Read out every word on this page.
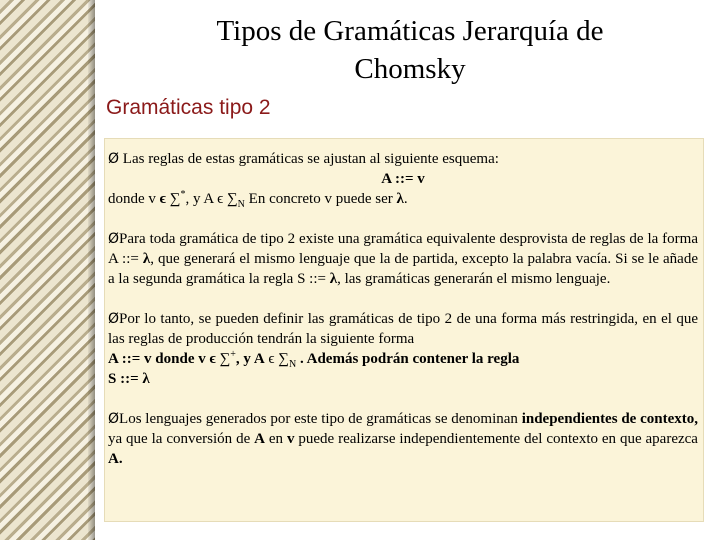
Tipos de Gramáticas Jerarquía de
Chomsky
Gramáticas tipo 2
Ø Las reglas de estas gramáticas se ajustan al siguiente esquema:
A ::= v
donde v ϵ ∑*, y A ϵ $\sum_N$ En concreto v puede ser λ.
ØPara toda gramática de tipo 2 existe una gramática equivalente desprovista de reglas de la forma A ::= λ, que generará el mismo lenguaje que la de partida, excepto la palabra vacía. Si se le añade a la segunda gramática la regla S ::= λ, las gramáticas generarán el mismo lenguaje.
ØPor lo tanto, se pueden definir las gramáticas de tipo 2 de una forma más restringida, en el que las reglas de producción tendrán la siguiente forma
A ::= v donde v ϵ ∑+, y A ϵ $\sum_N$ . Además podrán contener la regla
S ::= λ
ØLos lenguajes generados por este tipo de gramáticas se denominan independientes de contexto, ya que la conversión de A en v puede realizarse independientemente del contexto en que aparezca A.
